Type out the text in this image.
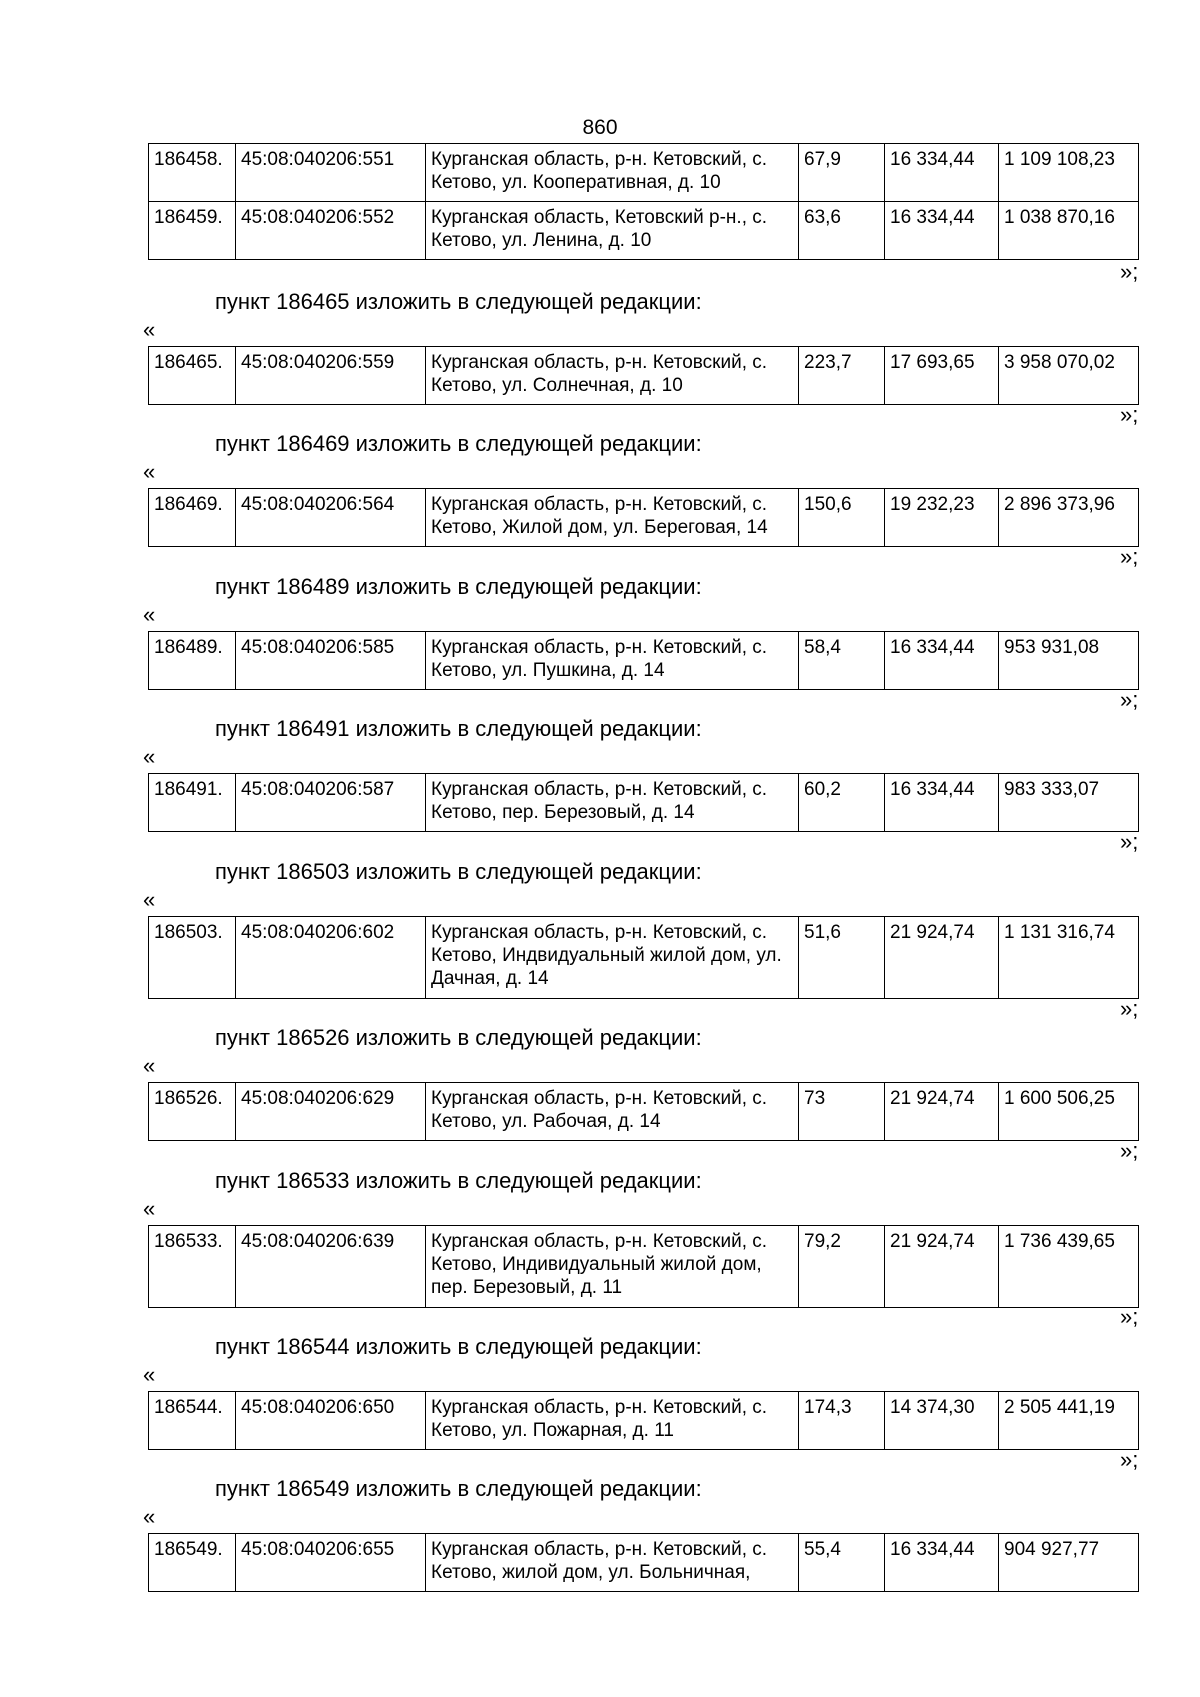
860
186458.	45:08:040206:551	Курганская область, р-н. Кетовский, с. Кетово, ул. Кооперативная, д. 10	67,9	16 334,44	1 109 108,23
186459.	45:08:040206:552	Курганская область, Кетовский р-н., с. Кетово, ул. Ленина, д. 10	63,6	16 334,44	1 038 870,16
»;
пункт 186465 изложить в следующей редакции:
«
186465.	45:08:040206:559	Курганская область, р-н. Кетовский, с. Кетово, ул. Солнечная, д. 10	223,7	17 693,65	3 958 070,02
»;
пункт 186469 изложить в следующей редакции:
«
186469.	45:08:040206:564	Курганская область, р-н. Кетовский, с. Кетово, Жилой дом, ул. Береговая, 14	150,6	19 232,23	2 896 373,96
»;
пункт 186489 изложить в следующей редакции:
«
186489.	45:08:040206:585	Курганская область, р-н. Кетовский, с. Кетово, ул. Пушкина, д. 14	58,4	16 334,44	953 931,08
»;
пункт 186491 изложить в следующей редакции:
«
186491.	45:08:040206:587	Курганская область, р-н. Кетовский, с. Кетово, пер. Березовый, д. 14	60,2	16 334,44	983 333,07
»;
пункт 186503 изложить в следующей редакции:
«
186503.	45:08:040206:602	Курганская область, р-н. Кетовский, с. Кетово, Индвидуальный жилой дом, ул. Дачная, д. 14	51,6	21 924,74	1 131 316,74
»;
пункт 186526 изложить в следующей редакции:
«
186526.	45:08:040206:629	Курганская область, р-н. Кетовский, с. Кетово, ул. Рабочая, д. 14	73	21 924,74	1 600 506,25
»;
пункт 186533 изложить в следующей редакции:
«
186533.	45:08:040206:639	Курганская область, р-н. Кетовский, с. Кетово, Индивидуальный жилой дом, пер. Березовый, д. 11	79,2	21 924,74	1 736 439,65
»;
пункт 186544 изложить в следующей редакции:
«
186544.	45:08:040206:650	Курганская область, р-н. Кетовский, с. Кетово, ул. Пожарная, д. 11	174,3	14 374,30	2 505 441,19
»;
пункт 186549 изложить в следующей редакции:
«
186549.	45:08:040206:655	Курганская область, р-н. Кетовский, с. Кетово, жилой дом, ул. Больничная,	55,4	16 334,44	904 927,77
